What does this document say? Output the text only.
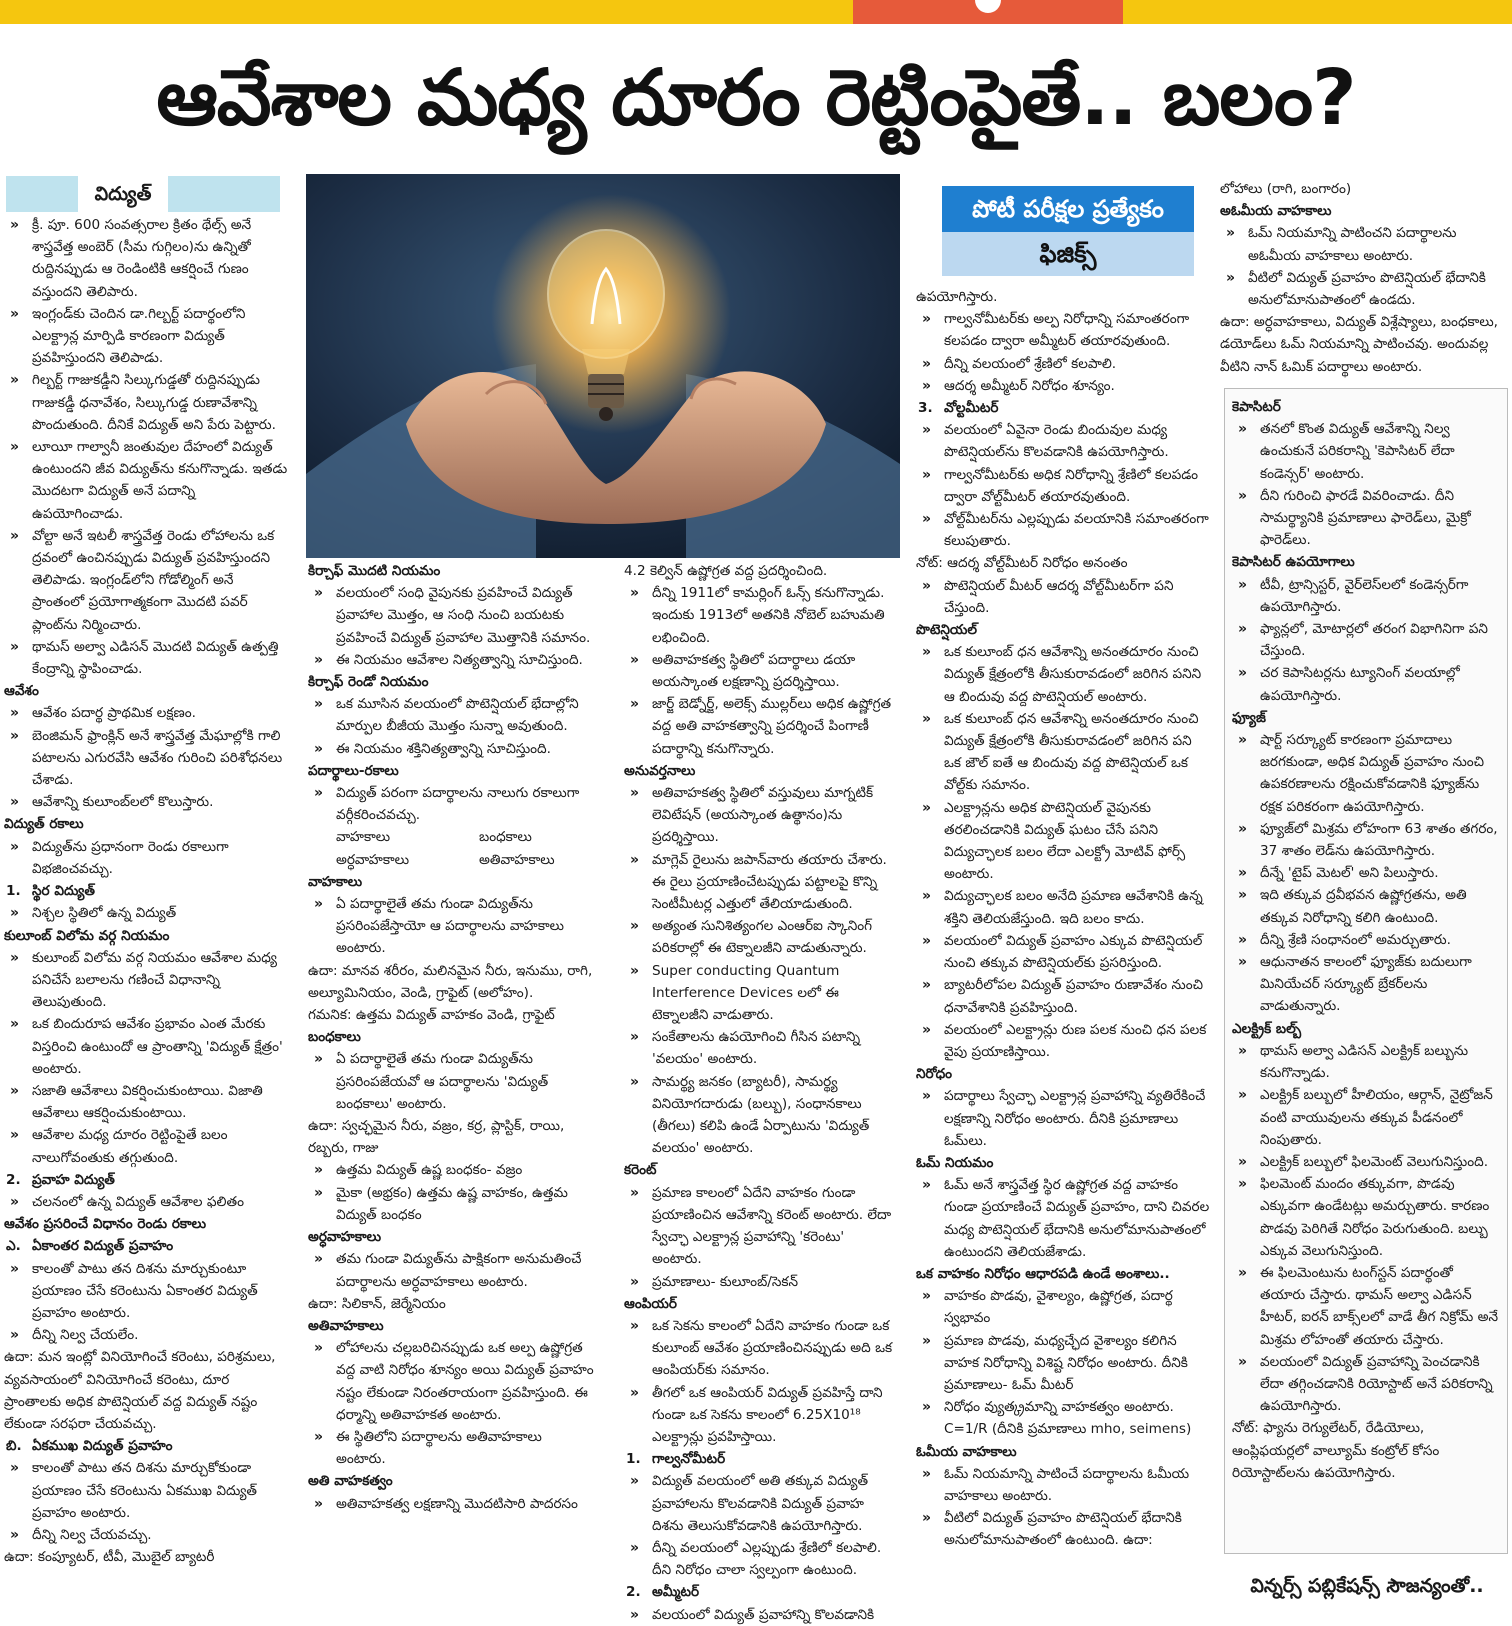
ఆవేశాల మధ్య దూరం రెట్టింపైతే.. బలం?
విద్యుత్
» క్రీ. పూ. 600 సంవత్సరాల క్రితం థేల్స్ అనే శాస్త్రవేత్త అంబెర్ (సీమ గుగ్గిలం)ను ఉన్నితో రుద్దినప్పుడు ఆ రెండింటికి ఆకర్షించే గుణం వస్తుందని తెలిపారు.
» ఇంగ్లండ్‌కు చెందిన డా.గిల్బర్ట్ పదార్థంలోని ఎలక్ట్రాన్ల మార్పిడి కారణంగా విద్యుత్ ప్రవహిస్తుందని తెలిపాడు.
» గిల్బర్ట్ గాజుకడ్డీని సిల్కుగుడ్డతో రుద్దినప్పుడు గాజుకడ్డీ ధనావేశం, సిల్కుగుడ్డ రుణావేశాన్ని పొందుతుంది. దీనికే విద్యుత్ అని పేరు పెట్టారు.
» లూయీ గాల్వానీ జంతువుల దేహంలో విద్యుత్ ఉంటుందని జీవ విద్యుత్‌ను కనుగొన్నాడు. ఇతడు మొదటగా విద్యుత్ అనే పదాన్ని ఉపయోగించాడు.
» వోల్టా అనే ఇటలీ శాస్త్రవేత్త రెండు లోహాలను ఒక ద్రవంలో ఉంచినప్పుడు విద్యుత్ ప్రవహిస్తుందని తెలిపాడు. ఇంగ్లండ్‌లోని గోడోల్మింగ్ అనే ప్రాంతంలో ప్రయోగాత్మకంగా మొదటి పవర్ ప్లాంట్‌ను నిర్మించారు.
» థామస్ అల్వా ఎడిసన్ మొదటి విద్యుత్ ఉత్పత్తి కేంద్రాన్ని స్థాపించాడు.
ఆవేశం
» ఆవేశం పదార్థ ప్రాథమిక లక్షణం.
» బెంజిమన్ ఫ్రాంక్లిన్ అనే శాస్త్రవేత్త మేఘాల్లోకి గాలి పటాలను ఎగురవేసి ఆవేశం గురించి పరిశోధనలు చేశాడు.
» ఆవేశాన్ని కులూంబ్‌లలో కొలుస్తారు.
విద్యుత్ రకాలు
» విద్యుత్‌ను ప్రధానంగా రెండు రకాలుగా విభజించవచ్చు.
1. స్థిర విద్యుత్
» నిశ్చల స్థితిలో ఉన్న విద్యుత్
కులూంబ్ విలోమ వర్గ నియమం
» కులూంబ్ విలోమ వర్గ నియమం ఆవేశాల మధ్య పనిచేసే బలాలను గణించే విధానాన్ని తెలుపుతుంది.
» ఒక బిందురూప ఆవేశం ప్రభావం ఎంత మేరకు విస్తరించి ఉంటుందో ఆ ప్రాంతాన్ని 'విద్యుత్ క్షేత్రం' అంటారు.
» సజాతి ఆవేశాలు వికర్షించుకుంటాయి. విజాతి ఆవేశాలు ఆకర్షించుకుంటాయి.
» ఆవేశాల మధ్య దూరం రెట్టింపైతే బలం నాలుగోవంతుకు తగ్గుతుంది.
2. ప్రవాహ విద్యుత్
» చలనంలో ఉన్న విద్యుత్ ఆవేశాల ఫలితం
ఆవేశం ప్రసరించే విధానం రెండు రకాలు
ఎ. ఏకాంతర విద్యుత్ ప్రవాహం
» కాలంతో పాటు తన దిశను మార్చుకుంటూ ప్రయాణం చేసే కరెంటును ఏకాంతర విద్యుత్ ప్రవాహం అంటారు.
» దీన్ని నిల్వ చేయలేం.
ఉదా: మన ఇంట్లో వినియోగించే కరెంటు, పరిశ్రమలు, వ్యవసాయంలో వినియోగించే కరెంటు, దూర ప్రాంతాలకు అధిక పొటెన్షియల్ వద్ద విద్యుత్ నష్టం లేకుండా సరఫరా చేయవచ్చు.
బి. ఏకముఖ విద్యుత్ ప్రవాహం
» కాలంతో పాటు తన దిశను మార్చుకోకుండా ప్రయాణం చేసే కరెంటును ఏకముఖ విద్యుత్ ప్రవాహం అంటారు.
» దీన్ని నిల్వ చేయవచ్చు.
ఉదా: కంప్యూటర్, టీవీ, మొబైల్ బ్యాటరీ
కిర్చాఫ్ మొదటి నియమం
» వలయంలో సంధి వైపునకు ప్రవహించే విద్యుత్ ప్రవాహాల మొత్తం, ఆ సంధి నుంచి బయటకు ప్రవహించే విద్యుత్ ప్రవాహాల మొత్తానికి సమానం.
» ఈ నియమం ఆవేశాల నిత్యత్వాన్ని సూచిస్తుంది.
కిర్చాఫ్ రెండో నియమం
» ఒక మూసిన వలయంలో పొటెన్షియల్ భేదాల్లోని మార్పుల బీజీయ మొత్తం సున్నా అవుతుంది.
» ఈ నియమం శక్తినిత్యత్వాన్ని సూచిస్తుంది.
పదార్థాలు-రకాలు
» విద్యుత్ పరంగా పదార్థాలను నాలుగు రకాలుగా వర్గీకరించవచ్చు.
వాహకాలు	బంధకాలు
అర్ధవాహకాలు	అతివాహకాలు
వాహకాలు
» ఏ పదార్థాలైతే తమ గుండా విద్యుత్‌ను ప్రసరింపజేస్తాయో ఆ పదార్థాలను వాహకాలు అంటారు.
ఉదా: మానవ శరీరం, మలినమైన నీరు, ఇనుము, రాగి, అల్యూమినియం, వెండి, గ్రాఫైట్ (అలోహం).
గమనిక: ఉత్తమ విద్యుత్ వాహకం వెండి, గ్రాఫైట్
బంధకాలు
» ఏ పదార్థాలైతే తమ గుండా విద్యుత్‌ను ప్రసరింపజేయవో ఆ పదార్థాలను 'విద్యుత్ బంధకాలు' అంటారు.
ఉదా: స్వచ్ఛమైన నీరు, వజ్రం, కర్ర, ప్లాస్టిక్, రాయి, రబ్బరు, గాజు
» ఉత్తమ విద్యుత్ ఉష్ణ బంధకం- వజ్రం
» మైకా (అభ్రకం) ఉత్తమ ఉష్ణ వాహకం, ఉత్తమ విద్యుత్ బంధకం
అర్ధవాహకాలు
» తమ గుండా విద్యుత్‌ను పాక్షికంగా అనుమతించే పదార్థాలను అర్ధవాహకాలు అంటారు.
ఉదా: సిలికాన్, జెర్మేనియం
అతివాహకాలు
» లోహాలను చల్లబరిచినప్పుడు ఒక అల్ప ఉష్ణోగ్రత వద్ద వాటి నిరోధం శూన్యం అయి విద్యుత్ ప్రవాహం నష్టం లేకుండా నిరంతరాయంగా ప్రవహిస్తుంది. ఈ ధర్మాన్ని అతివాహకత అంటారు.
» ఈ స్థితిలోని పదార్థాలను అతివాహకాలు అంటారు.
అతి వాహకత్వం
» అతివాహకత్వ లక్షణాన్ని మొదటిసారి పాదరసం
4.2 కెల్విన్ ఉష్ణోగ్రత వద్ద ప్రదర్శించింది.
» దీన్ని 1911లో కామర్లింగ్ ఓన్స్ కనుగొన్నాడు. ఇందుకు 1913లో అతనికి నోబెల్ బహుమతి లభించింది.
» అతివాహకత్వ స్థితిలో పదార్థాలు డయా అయస్కాంత లక్షణాన్ని ప్రదర్శిస్తాయి.
» జార్జ్ బెడ్నోర్జ్, అలెక్స్ ముల్లర్‌లు అధిక ఉష్ణోగ్రత వద్ద అతి వాహకత్వాన్ని ప్రదర్శించే పింగాణీ పదార్థాన్ని కనుగొన్నారు.
అనువర్తనాలు
» అతివాహకత్వ స్థితిలో వస్తువులు మాగ్నటిక్ లెవిటేషన్ (అయస్కాంత ఉత్థానం)ను ప్రదర్శిస్తాయి.
» మాగ్లెవ్ రైలును జపాన్‌వారు తయారు చేశారు. ఈ రైలు ప్రయాణించేటప్పుడు పట్టాలపై కొన్ని సెంటీమీటర్ల ఎత్తులో తేలియాడుతుంది.
» అత్యంత సునిశిత్యంగల ఎంఆర్ఐ స్కానింగ్ పరికరాల్లో ఈ టెక్నాలజీని వాడుతున్నారు.
» Super conducting Quantum Interference Devices లలో ఈ టెక్నాలజీని వాడుతారు.
» సంకేతాలను ఉపయోగించి గీసిన పటాన్ని 'వలయం' అంటారు.
» సామర్థ్య జనకం (బ్యాటరీ), సామర్థ్య వినియోగదారుడు (బల్బు), సంధానకాలు (తీగలు) కలిపి ఉండే ఏర్పాటును 'విద్యుత్ వలయం' అంటారు.
కరెంట్
» ప్రమాణ కాలంలో ఏదేని వాహకం గుండా ప్రయాణించిన ఆవేశాన్ని కరెంట్ అంటారు. లేదా స్వేచ్ఛా ఎలక్ట్రాన్ల ప్రవాహాన్ని 'కరెంటు' అంటారు.
» ప్రమాణాలు- కులూంబ్/సెకన్
ఆంపియర్
» ఒక సెకను కాలంలో ఏదేని వాహకం గుండా ఒక కులూంబ్ ఆవేశం ప్రయాణించినప్పుడు అది ఒక ఆంపియర్‌కు సమానం.
» తీగలో ఒక ఆంపియర్ విద్యుత్ ప్రవహిస్తే దాని గుండా ఒక సెకను కాలంలో 6.25X10¹⁸ ఎలక్ట్రాన్లు ప్రవహిస్తాయి.
1. గాల్వనోమీటర్
» విద్యుత్ వలయంలో అతి తక్కువ విద్యుత్ ప్రవాహాలను కొలవడానికి విద్యుత్ ప్రవాహ దిశను తెలుసుకోవడానికి ఉపయోగిస్తారు.
» దీన్ని వలయంలో ఎల్లప్పుడు శ్రేణిలో కలపాలి. దీని నిరోధం చాలా స్వల్పంగా ఉంటుంది.
2. అమ్మీటర్
» వలయంలో విద్యుత్ ప్రవాహాన్ని కొలవడానికి
పోటీ పరీక్షల ప్రత్యేకం
ఫిజిక్స్
ఉపయోగిస్తారు.
» గాల్వనోమీటర్‌కు అల్ప నిరోధాన్ని సమాంతరంగా కలపడం ద్వారా అమ్మీటర్ తయారవుతుంది.
» దీన్ని వలయంలో శ్రేణిలో కలపాలి.
» ఆదర్శ అమ్మీటర్ నిరోధం శూన్యం.
3. వోల్టమీటర్
» వలయంలో ఏవైనా రెండు బిందువుల మధ్య పొటెన్షియల్‌ను కొలవడానికి ఉపయోగిస్తారు.
» గాల్వనోమీటర్‌కు అధిక నిరోధాన్ని శ్రేణిలో కలపడం ద్వారా వోల్ట్‌మీటర్ తయారవుతుంది.
» వోల్ట్‌మీటర్‌ను ఎల్లప్పుడు వలయానికి సమాంతరంగా కలుపుతారు.
నోట్: ఆదర్శ వోల్ట్‌మీటర్ నిరోధం అనంతం
» పొటెన్షియల్ మీటర్ ఆదర్శ వోల్ట్‌మీటర్‌గా పని చేస్తుంది.
పొటెన్షియల్
» ఒక కులూంబ్ ధన ఆవేశాన్ని అనంతదూరం నుంచి విద్యుత్ క్షేత్రంలోకి తీసుకురావడంలో జరిగిన పనిని ఆ బిందువు వద్ద పొటెన్షియల్ అంటారు.
» ఒక కులూంబ్ ధన ఆవేశాన్ని అనంతదూరం నుంచి విద్యుత్ క్షేత్రంలోకి తీసుకురావడంలో జరిగిన పని ఒక జౌల్ ఐతే ఆ బిందువు వద్ద పొటెన్షియల్ ఒక వోల్ట్‌కు సమానం.
» ఎలక్ట్రాన్లను అధిక పొటెన్షియల్ వైపునకు తరలించడానికి విద్యుత్ ఘటం చేసే పనిని విద్యుచ్ఛాలక బలం లేదా ఎలక్ట్రో మోటివ్ ఫోర్స్ అంటారు.
» విద్యుచ్ఛాలక బలం అనేది ప్రమాణ ఆవేశానికి ఉన్న శక్తిని తెలియజేస్తుంది. ఇది బలం కాదు.
» వలయంలో విద్యుత్ ప్రవాహం ఎక్కువ పొటెన్షియల్ నుంచి తక్కువ పొటెన్షియల్‌కు ప్రసరిస్తుంది.
» బ్యాటరీలోపల విద్యుత్ ప్రవాహం రుణావేశం నుంచి ధనావేశానికి ప్రవహిస్తుంది.
» వలయంలో ఎలక్ట్రాన్లు రుణ పలక నుంచి ధన పలక వైపు ప్రయాణిస్తాయి.
నిరోధం
» పదార్థాలు స్వేచ్ఛా ఎలక్ట్రాన్ల ప్రవాహాన్ని వ్యతిరేకించే లక్షణాన్ని నిరోధం అంటారు. దీనికి ప్రమాణాలు ఓమ్‌లు.
ఓమ్ నియమం
» ఓమ్ అనే శాస్త్రవేత్త స్థిర ఉష్ణోగ్రత వద్ద వాహకం గుండా ప్రయాణించే విద్యుత్ ప్రవాహం, దాని చివరల మధ్య పొటెన్షియల్ భేదానికి అనులోమానుపాతంలో ఉంటుందని తెలియజేశాడు.
ఒక వాహకం నిరోధం ఆధారపడి ఉండే అంశాలు..
» వాహకం పొడవు, వైశాల్యం, ఉష్ణోగ్రత, పదార్థ స్వభావం
» ప్రమాణ పొడవు, మధ్యచ్ఛేద వైశాల్యం కలిగిన వాహక నిరోధాన్ని విశిష్ట నిరోధం అంటారు. దీనికి ప్రమాణాలు- ఓమ్ మీటర్
» నిరోధం వ్యుత్క్రమాన్ని వాహకత్వం అంటారు. C=1/R (దీనికి ప్రమాణాలు mho, seimens)
ఓమీయ వాహకాలు
» ఓమ్ నియమాన్ని పాటించే పదార్థాలను ఓమీయ వాహకాలు అంటారు.
» వీటిలో విద్యుత్ ప్రవాహం పొటెన్షియల్ భేదానికి అనులోమానుపాతంలో ఉంటుంది. ఉదా:
లోహాలు (రాగి, బంగారం)
అఓమీయ వాహకాలు
» ఓమ్ నియమాన్ని పాటించని పదార్థాలను అఓమీయ వాహకాలు అంటారు.
» వీటిలో విద్యుత్ ప్రవాహం పొటెన్షియల్ భేదానికి అనులోమానుపాతంలో ఉండదు.
ఉదా: అర్ధవాహకాలు, విద్యుత్ విశ్లేష్యాలు, బంధకాలు, డయోడ్‌లు ఓమ్ నియమాన్ని పాటించవు. అందువల్ల వీటిని నాన్ ఓమిక్ పదార్థాలు అంటారు.
కెపాసిటర్
» తనలో కొంత విద్యుత్ ఆవేశాన్ని నిల్వ ఉంచుకునే పరికరాన్ని 'కెపాసిటర్ లేదా కండెన్సర్' అంటారు.
» దీని గురించి ఫారడే వివరించాడు. దీని సామర్థ్యానికి ప్రమాణాలు ఫారెడ్‌లు, మైక్రో ఫారెడ్‌లు.
కెపాసిటర్ ఉపయోగాలు
» టీవీ, ట్రాన్సిస్టర్, వైర్‌లెస్‌లలో కండెన్సర్‌గా ఉపయోగిస్తారు.
» ఫ్యాన్లలో, మోటార్లలో తరంగ విభాగినిగా పని చేస్తుంది.
» చర కెపాసిటర్లను ట్యూనింగ్ వలయాల్లో ఉపయోగిస్తారు.
ఫ్యూజ్
» షార్ట్ సర్క్యూట్ కారణంగా ప్రమాదాలు జరగకుండా, అధిక విద్యుత్ ప్రవాహం నుంచి ఉపకరణాలను రక్షించుకోవడానికి ఫ్యూజ్‌ను రక్షక పరికరంగా ఉపయోగిస్తారు.
» ఫ్యూజ్‌లో మిశ్రమ లోహంగా 63 శాతం తగరం, 37 శాతం లెడ్‌ను ఉపయోగిస్తారు.
» దీన్నే 'టైప్ మెటల్' అని పిలుస్తారు.
» ఇది తక్కువ ద్రవీభవన ఉష్ణోగ్రతను, అతి తక్కువ నిరోధాన్ని కలిగి ఉంటుంది.
» దీన్ని శ్రేణి సంధానంలో అమర్చుతారు.
» ఆధునాతన కాలంలో ఫ్యూజ్‌కు బదులుగా మినియేచర్ సర్క్యూట్ బ్రేకర్‌లను వాడుతున్నారు.
ఎలక్ట్రిక్ బల్బ్
» థామస్ అల్వా ఎడిసన్ ఎలక్ట్రిక్ బల్బును కనుగొన్నాడు.
» ఎలక్ట్రిక్ బల్బులో హీలియం, ఆర్గాన్, నైట్రోజన్ వంటి వాయువులను తక్కువ పీడనంలో నింపుతారు.
» ఎలక్ట్రిక్ బల్బులో ఫిలమెంట్ వెలుగునిస్తుంది.
» ఫిలమెంట్ మందం తక్కువగా, పొడవు ఎక్కువగా ఉండేటట్లు అమర్చుతారు. కారణం పొడవు పెరిగితే నిరోధం పెరుగుతుంది. బల్బు ఎక్కువ వెలుగునిస్తుంది.
» ఈ ఫిలమెంటును టంగ్‌స్టన్ పదార్థంతో తయారు చేస్తారు. థామస్ అల్వా ఎడిసన్ హీటర్, ఐరన్ బాక్స్‌లలో వాడే తీగ నిక్రోమ్ అనే మిశ్రమ లోహంతో తయారు చేస్తారు.
» వలయంలో విద్యుత్ ప్రవాహాన్ని పెంచడానికి లేదా తగ్గించడానికి రియోస్టాట్ అనే పరికరాన్ని ఉపయోగిస్తారు.
నోట్: ఫ్యాను రెగ్యులేటర్, రేడియోలు, ఆంప్లిఫయర్లలో వాల్యూమ్ కంట్రోల్ కోసం రియోస్టాట్‌లను ఉపయోగిస్తారు.
విన్నర్స్ పబ్లికేషన్స్ సౌజన్యంతో..
